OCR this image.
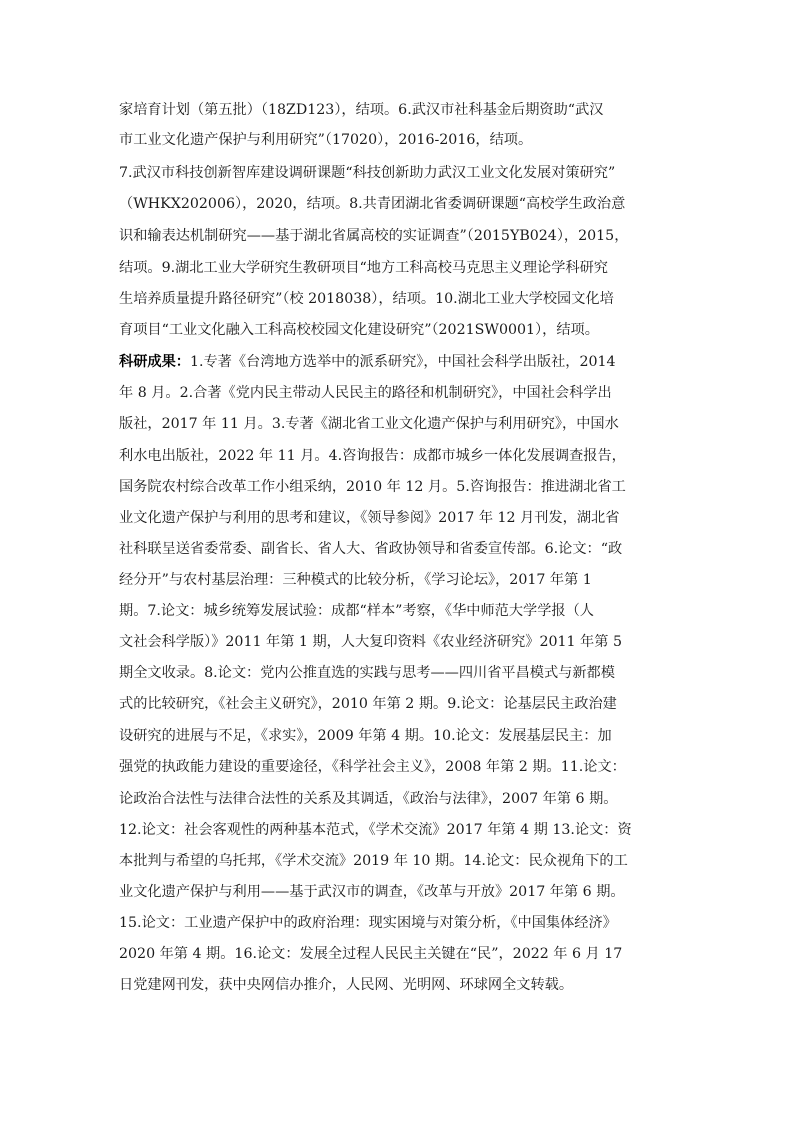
家培育计划（第五批）（18ZD123），结项。6.武汉市社科基金后期资助“武汉
市工业文化遗产保护与利用研究”（17020），2016-2016，结项。
7.武汉市科技创新智库建设调研课题“科技创新助力武汉工业文化发展对策研究”
（WHKX202006），2020，结项。8.共青团湖北省委调研课题“高校学生政治意
识和输表达机制研究——基于湖北省属高校的实证调查”（2015YB024），2015，
结项。9.湖北工业大学研究生教研项目“地方工科高校马克思主义理论学科研究
生培养质量提升路径研究”（校 2018038），结项。10.湖北工业大学校园文化培
育项目“工业文化融入工科高校校园文化建设研究”（2021SW0001），结项。
科研成果：1.专著《台湾地方选举中的派系研究》，中国社会科学出版社，2014
年 8 月。2.合著《党内民主带动人民民主的路径和机制研究》，中国社会科学出
版社，2017 年 11 月。3.专著《湖北省工业文化遗产保护与利用研究》，中国水
利水电出版社，2022 年 11 月。4.咨询报告：成都市城乡一体化发展调查报告，
国务院农村综合改革工作小组采纳，2010 年 12 月。5.咨询报告：推进湖北省工
业文化遗产保护与利用的思考和建议，《领导参阅》2017 年 12 月刊发，湖北省
社科联呈送省委常委、副省长、省人大、省政协领导和省委宣传部。6.论文：“政
经分开”与农村基层治理：三种模式的比较分析，《学习论坛》，2017 年第 1
期。7.论文：城乡统筹发展试验：成都“样本”考察，《华中师范大学学报（人
文社会科学版）》2011 年第 1 期，人大复印资料《农业经济研究》2011 年第 5
期全文收录。8.论文：党内公推直选的实践与思考——四川省平昌模式与新都模
式的比较研究，《社会主义研究》，2010 年第 2 期。9.论文：论基层民主政治建
设研究的进展与不足，《求实》，2009 年第 4 期。10.论文：发展基层民主：加
强党的执政能力建设的重要途径，《科学社会主义》，2008 年第 2 期。11.论文：
论政治合法性与法律合法性的关系及其调适，《政治与法律》，2007 年第 6 期。
12.论文：社会客观性的两种基本范式，《学术交流》2017 年第 4 期 13.论文：资
本批判与希望的乌托邦，《学术交流》2019 年 10 期。14.论文：民众视角下的工
业文化遗产保护与利用——基于武汉市的调查，《改革与开放》2017 年第 6 期。
15.论文：工业遗产保护中的政府治理：现实困境与对策分析，《中国集体经济》
2020 年第 4 期。16.论文：发展全过程人民民主关键在“民”，2022 年 6 月 17
日党建网刊发，获中央网信办推介，人民网、光明网、环球网全文转载。
